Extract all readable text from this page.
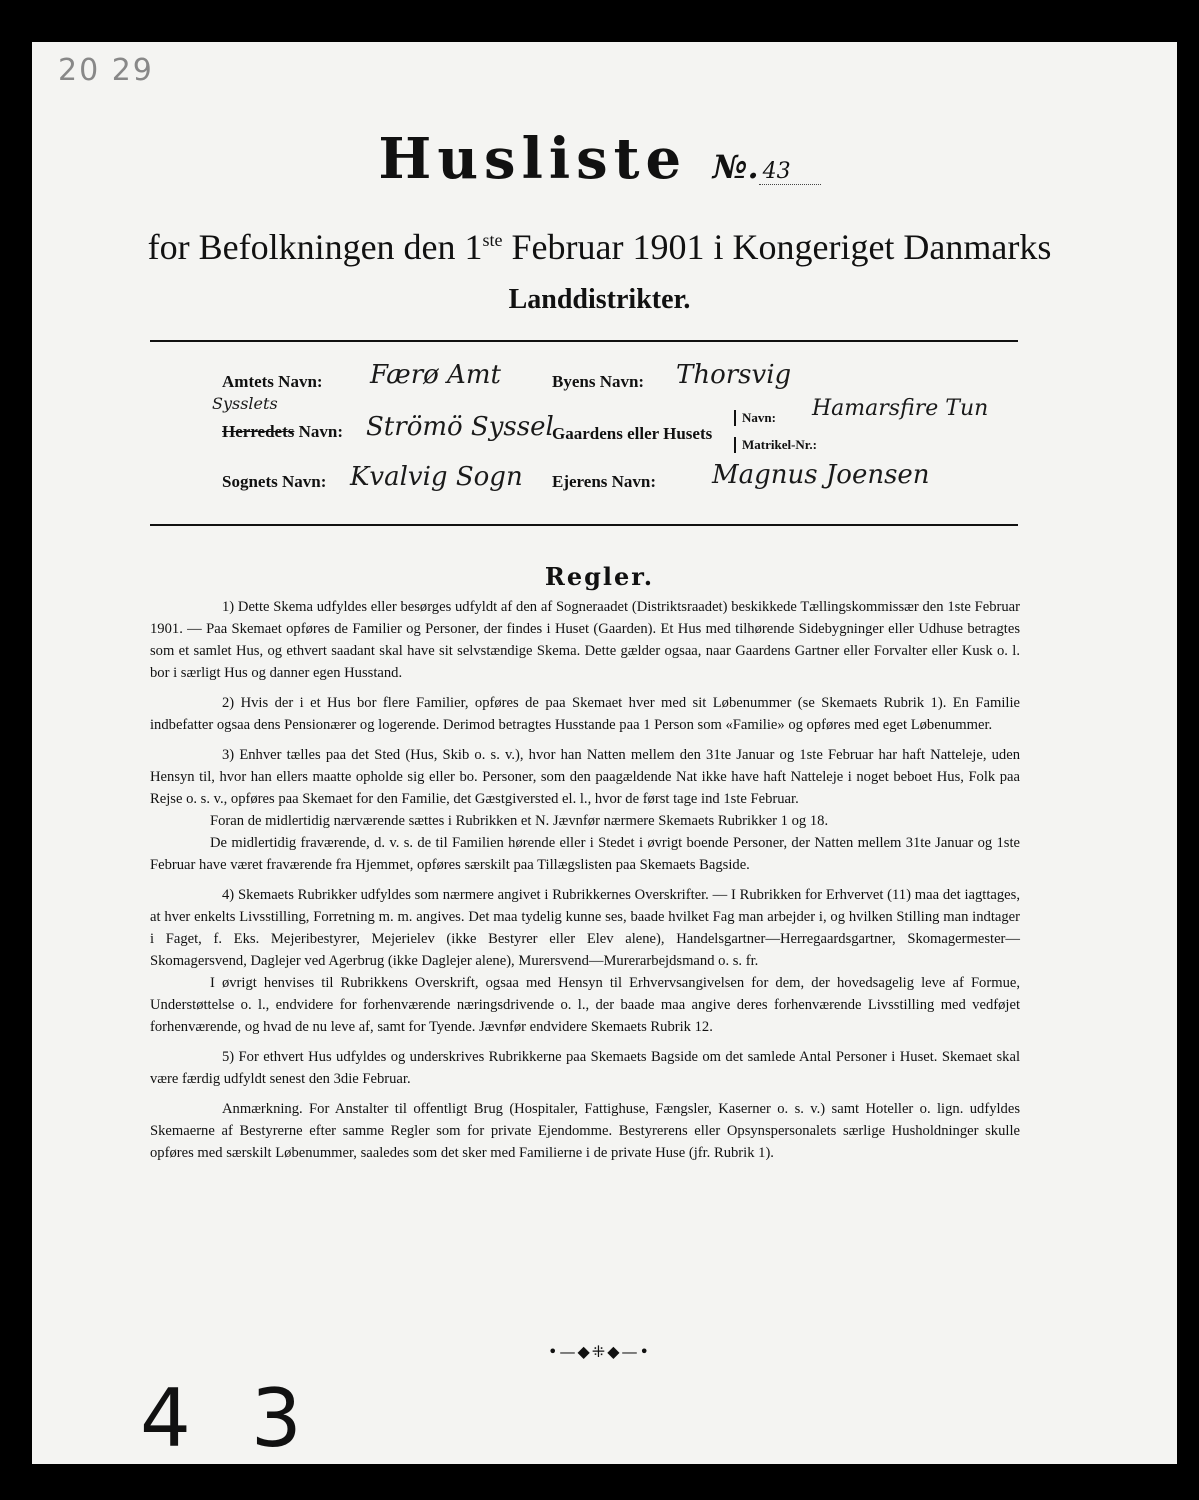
20 29
Husliste №. 43
for Befolkningen den 1ste Februar 1901 i Kongeriget Danmarks
Landdistrikter.
Amtets Navn: Færø Amt	Byens Navn: Thorsvig
Sysslets
Herredets Navn: Strömö Syssel
Gaardens eller Husets
Navn: Hamarsfire Tun
Matrikel-Nr.:
Sognets Navn: Kvalvig Sogn Ejerens Navn: Magnus Joensen
Regler.

1) Dette Skema udfyldes eller besørges udfyldt af den af Sogneraadet (Distriktsraadet) beskikkede Tællingskommissær den 1ste Februar 1901. — Paa Skemaet opføres de Familier og Personer, der findes i Huset (Gaarden). Et Hus med tilhørende Sidebygninger eller Udhuse betragtes som et samlet Hus, og ethvert saadant skal have sit selvstændige Skema. Dette gælder ogsaa, naar Gaardens Gartner eller Forvalter eller Kusk o. l. bor i særligt Hus og danner egen Husstand.

2) Hvis der i et Hus bor flere Familier, opføres de paa Skemaet hver med sit Løbenummer (se Skemaets Rubrik 1). En Familie indbefatter ogsaa dens Pensionærer og logerende. Derimod betragtes Husstande paa 1 Person som «Familie» og opføres med eget Løbenummer.

3) Enhver tælles paa det Sted (Hus, Skib o. s. v.), hvor han Natten mellem den 31te Januar og 1ste Februar har haft Natteleje, uden Hensyn til, hvor han ellers maatte opholde sig eller bo. Personer, som den paagældende Nat ikke have haft Natteleje i noget beboet Hus, Folk paa Rejse o. s. v., opføres paa Skemaet for den Familie, det Gæstgiversted el. l., hvor de først tage ind 1ste Februar.

Foran de midlertidig nærværende sættes i Rubrikken et N. Jævnfør nærmere Skemaets Rubrikker 1 og 18.

De midlertidig fraværende, d. v. s. de til Familien hørende eller i Stedet i øvrigt boende Personer, der Natten mellem 31te Januar og 1ste Februar have været fraværende fra Hjemmet, opføres særskilt paa Tillægslisten paa Skemaets Bagside.

4) Skemaets Rubrikker udfyldes som nærmere angivet i Rubrikkernes Overskrifter. — I Rubrikken for Erhvervet (11) maa det iagttages, at hver enkelts Livsstilling, Forretning m. m. angives. Det maa tydelig kunne ses, baade hvilket Fag man arbejder i, og hvilken Stilling man indtager i Faget, f. Eks. Mejeribestyrer, Mejerielev (ikke Bestyrer eller Elev alene), Handelsgartner—Herregaardsgartner, Skomagermester—Skomagersvend, Daglejer ved Agerbrug (ikke Daglejer alene), Murersvend—Murerarbejdsmand o. s. fr.

I øvrigt henvises til Rubrikkens Overskrift, ogsaa med Hensyn til Erhvervsangivelsen for dem, der hovedsagelig leve af Formue, Understøttelse o. l., endvidere for forhenværende næringsdrivende o. l., der baade maa angive deres forhenværende Livsstilling med vedføjet forhenværende, og hvad de nu leve af, samt for Tyende. Jævnfør endvidere Skemaets Rubrik 12.

5) For ethvert Hus udfyldes og underskrives Rubrikkerne paa Skemaets Bagside om det samlede Antal Personer i Huset. Skemaet skal være færdig udfyldt senest den 3die Februar.

Anmærkning. For Anstalter til offentligt Brug (Hospitaler, Fattighuse, Fængsler, Kaserner o. s. v.) samt Hoteller o. lign. udfyldes Skemaerne af Bestyrerne efter samme Regler som for private Ejendomme. Bestyrerens eller Opsynspersonalets særlige Husholdninger skulle opføres med særskilt Løbenummer, saaledes som det sker med Familierne i de private Huse (jfr. Rubrik 1).

•—◆⁜◆—•
43
